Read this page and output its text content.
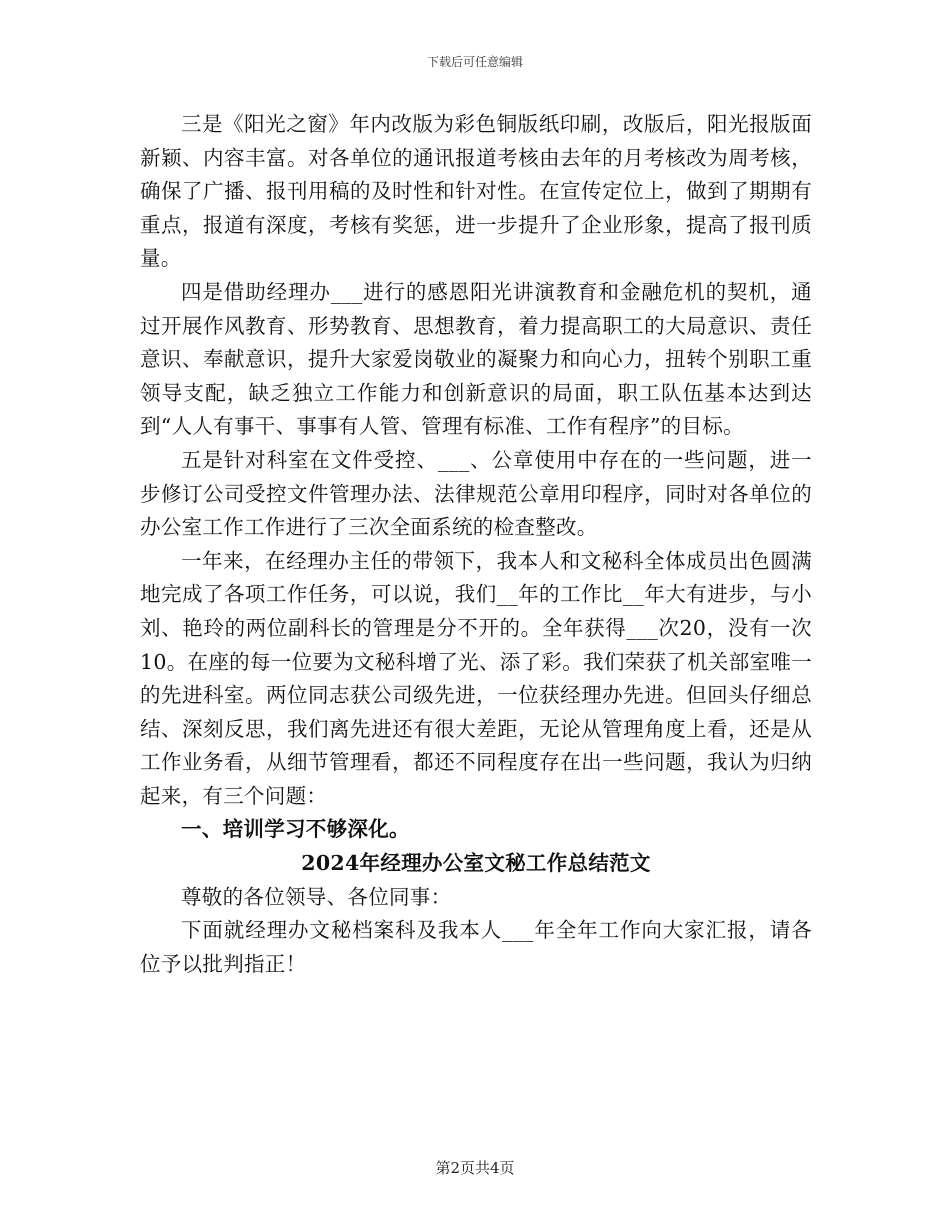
下载后可任意编辑

三是《阳光之窗》年内改版为彩色铜版纸印刷，改版后，阳光报版面新颖、内容丰富。对各单位的通讯报道考核由去年的月考核改为周考核，确保了广播、报刊用稿的及时性和针对性。在宣传定位上，做到了期期有重点，报道有深度，考核有奖惩，进一步提升了企业形象，提高了报刊质量。

四是借助经理办___进行的感恩阳光讲演教育和金融危机的契机，通过开展作风教育、形势教育、思想教育，着力提高职工的大局意识、责任意识、奉献意识，提升大家爱岗敬业的凝聚力和向心力，扭转个别职工重领导支配，缺乏独立工作能力和创新意识的局面，职工队伍基本达到达到“人人有事干、事事有人管、管理有标准、工作有程序”的目标。

五是针对科室在文件受控、___、公章使用中存在的一些问题，进一步修订公司受控文件管理办法、法律规范公章用印程序，同时对各单位的办公室工作工作进行了三次全面系统的检查整改。

一年来，在经理办主任的带领下，我本人和文秘科全体成员出色圆满地完成了各项工作任务，可以说，我们__年的工作比__年大有进步，与小刘、艳玲的两位副科长的管理是分不开的。全年获得___次20，没有一次10。在座的每一位要为文秘科增了光、添了彩。我们荣获了机关部室唯一的先进科室。两位同志获公司级先进，一位获经理办先进。但回头仔细总结、深刻反思，我们离先进还有很大差距，无论从管理角度上看，还是从工作业务看，从细节管理看，都还不同程度存在出一些问题，我认为归纳起来，有三个问题：

一、培训学习不够深化。

2024年经理办公室文秘工作总结范文

尊敬的各位领导、各位同事：

下面就经理办文秘档案科及我本人___年全年工作向大家汇报，请各位予以批判指正！

第2页共4页
